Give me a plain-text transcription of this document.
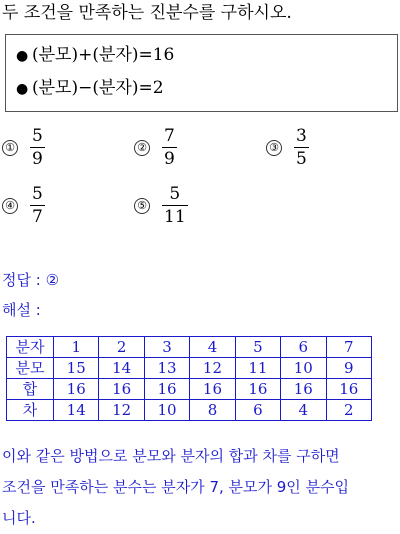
두 조건을 만족하는 진분수를 구하시오.
● (분모)+(분자)=16
● (분모)−(분자)=2
① $\frac{5}{9}$	② $\frac{7}{9}$	③ $\frac{3}{5}$
④ $\frac{5}{7}$	⑤ $\frac{5}{11}$
정답 : ②
해설 :
분자	1	2	3	4	5	6	7
분모	15	14	13	12	11	10	9
합	16	16	16	16	16	16	16
차	14	12	10	8	6	4	2
이와 같은 방법으로 분모와 분자의 합과 차를 구하면
조건을 만족하는 분수는 분자가 7, 분모가 9인 분수입
니다.
